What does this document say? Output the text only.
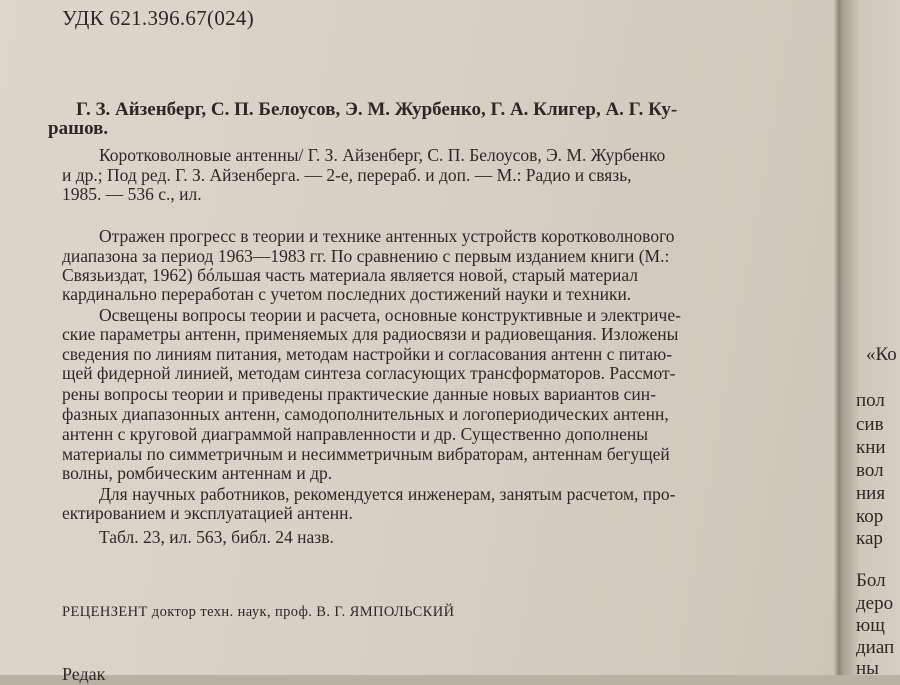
УДК 621.396.67(024)

Г. З. Айзенберг, С. П. Белоусов, Э. М. Журбенко, Г. А. Клигер, А. Г. Ку-

рашов.

Коротковолновые антенны/ Г. З. Айзенберг, С. П. Белоусов, Э. М. Журбенко

и др.; Под ред. Г. З. Айзенберга. — 2-е, перераб. и доп. — М.: Радио и связь,

1985. — 536 с., ил.

Отражен прогресс в теории и технике антенных устройств коротковолнового

диапазона за период 1963—1983 гг. По сравнению с первым изданием книги (М.:

Связьиздат, 1962) бóльшая часть материала является новой, старый материал

кардинально переработан с учетом последних достижений науки и техники.

Освещены вопросы теории и расчета, основные конструктивные и электриче-

ские параметры антенн, применяемых для радиосвязи и радиовещания. Изложены

сведения по линиям питания, методам настройки и согласования антенн с питаю-

щей фидерной линией, методам синтеза согласующих трансформаторов. Рассмот-

рены вопросы теории и приведены практические данные новых вариантов син-

фазных диапазонных антенн, самодополнительных и логопериодических антенн,

антенн с круговой диаграммой направленности и др. Существенно дополнены

материалы по симметричным и несимметричным вибраторам, антеннам бегущей

волны, ромбическим антеннам и др.

Для научных работников, рекомендуется инженерам, занятым расчетом, про-

ектированием и эксплуатацией антенн.

Табл. 23, ил. 563, библ. 24 назв.

РЕЦЕНЗЕНТ доктор техн. наук, проф. В. Г. ЯМПОЛЬСКИЙ

Редак

«Ко
пол
сив
кни
вол
ния
кор
кар
Бол
деро
ющ
диап
ны
